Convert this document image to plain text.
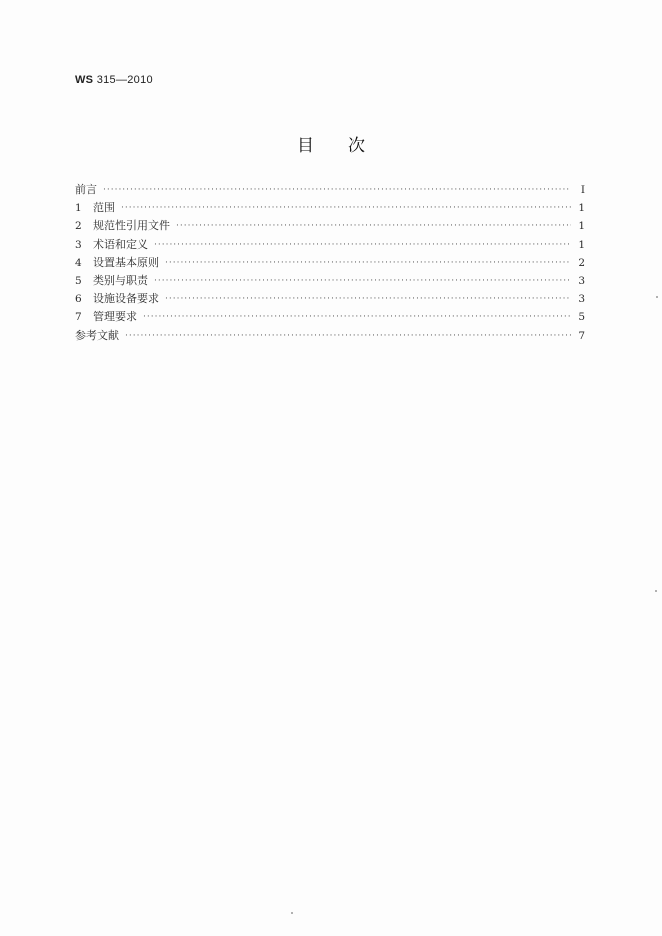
WS 315—2010
目 次
前言 ·····	Ⅰ
1	范围 ·····	1
2	规范性引用文件 ·····	1
3	术语和定义 ·····	1
4	设置基本原则 ·····	2
5	类别与职责 ·····	3
6	设施设备要求 ·····	3
7	管理要求 ·····	5
参考文献 ·····	7
